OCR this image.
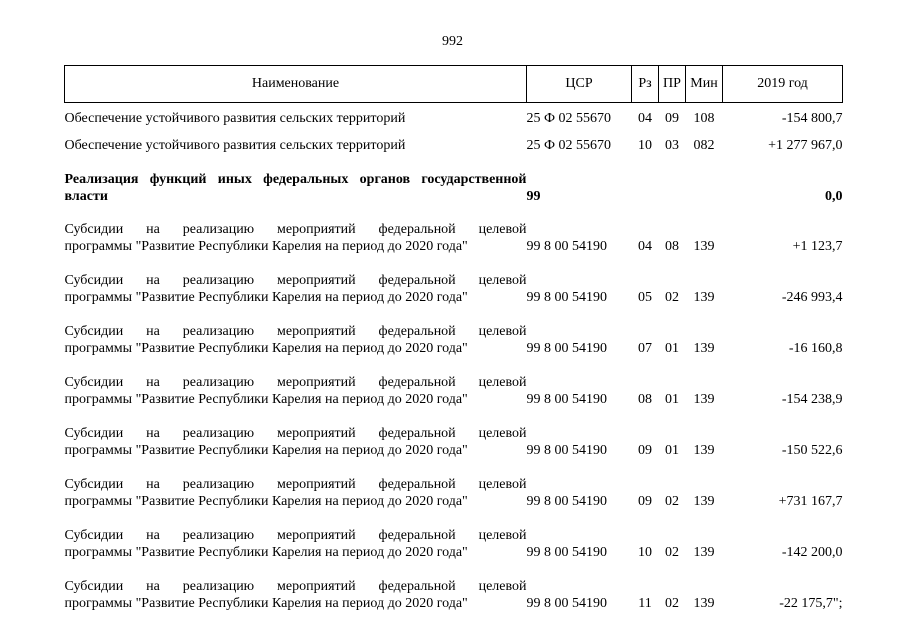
992
Наименование	ЦСР	Рз	ПР	Мин	2019 год

Обеспечение устойчивого развития сельских территорий	25 Ф 02 55670	04	09	108	-154 800,7

Обеспечение устойчивого развития сельских территорий	25 Ф 02 55670	10	03	082	+1 277 967,0

Реализация функций иных федеральных органов государственной
власти	99				0,0

Субсидии на реализацию мероприятий федеральной целевой
программы "Развитие Республики Карелия на период до 2020 года"	99 8 00 54190	04	08	139	+1 123,7

Субсидии на реализацию мероприятий федеральной целевой
программы "Развитие Республики Карелия на период до 2020 года"	99 8 00 54190	05	02	139	-246 993,4

Субсидии на реализацию мероприятий федеральной целевой
программы "Развитие Республики Карелия на период до 2020 года"	99 8 00 54190	07	01	139	-16 160,8

Субсидии на реализацию мероприятий федеральной целевой
программы "Развитие Республики Карелия на период до 2020 года"	99 8 00 54190	08	01	139	-154 238,9

Субсидии на реализацию мероприятий федеральной целевой
программы "Развитие Республики Карелия на период до 2020 года"	99 8 00 54190	09	01	139	-150 522,6

Субсидии на реализацию мероприятий федеральной целевой
программы "Развитие Республики Карелия на период до 2020 года"	99 8 00 54190	09	02	139	+731 167,7

Субсидии на реализацию мероприятий федеральной целевой
программы "Развитие Республики Карелия на период до 2020 года"	99 8 00 54190	10	02	139	-142 200,0

Субсидии на реализацию мероприятий федеральной целевой
программы "Развитие Республики Карелия на период до 2020 года"	99 8 00 54190	11	02	139	-22 175,7";
